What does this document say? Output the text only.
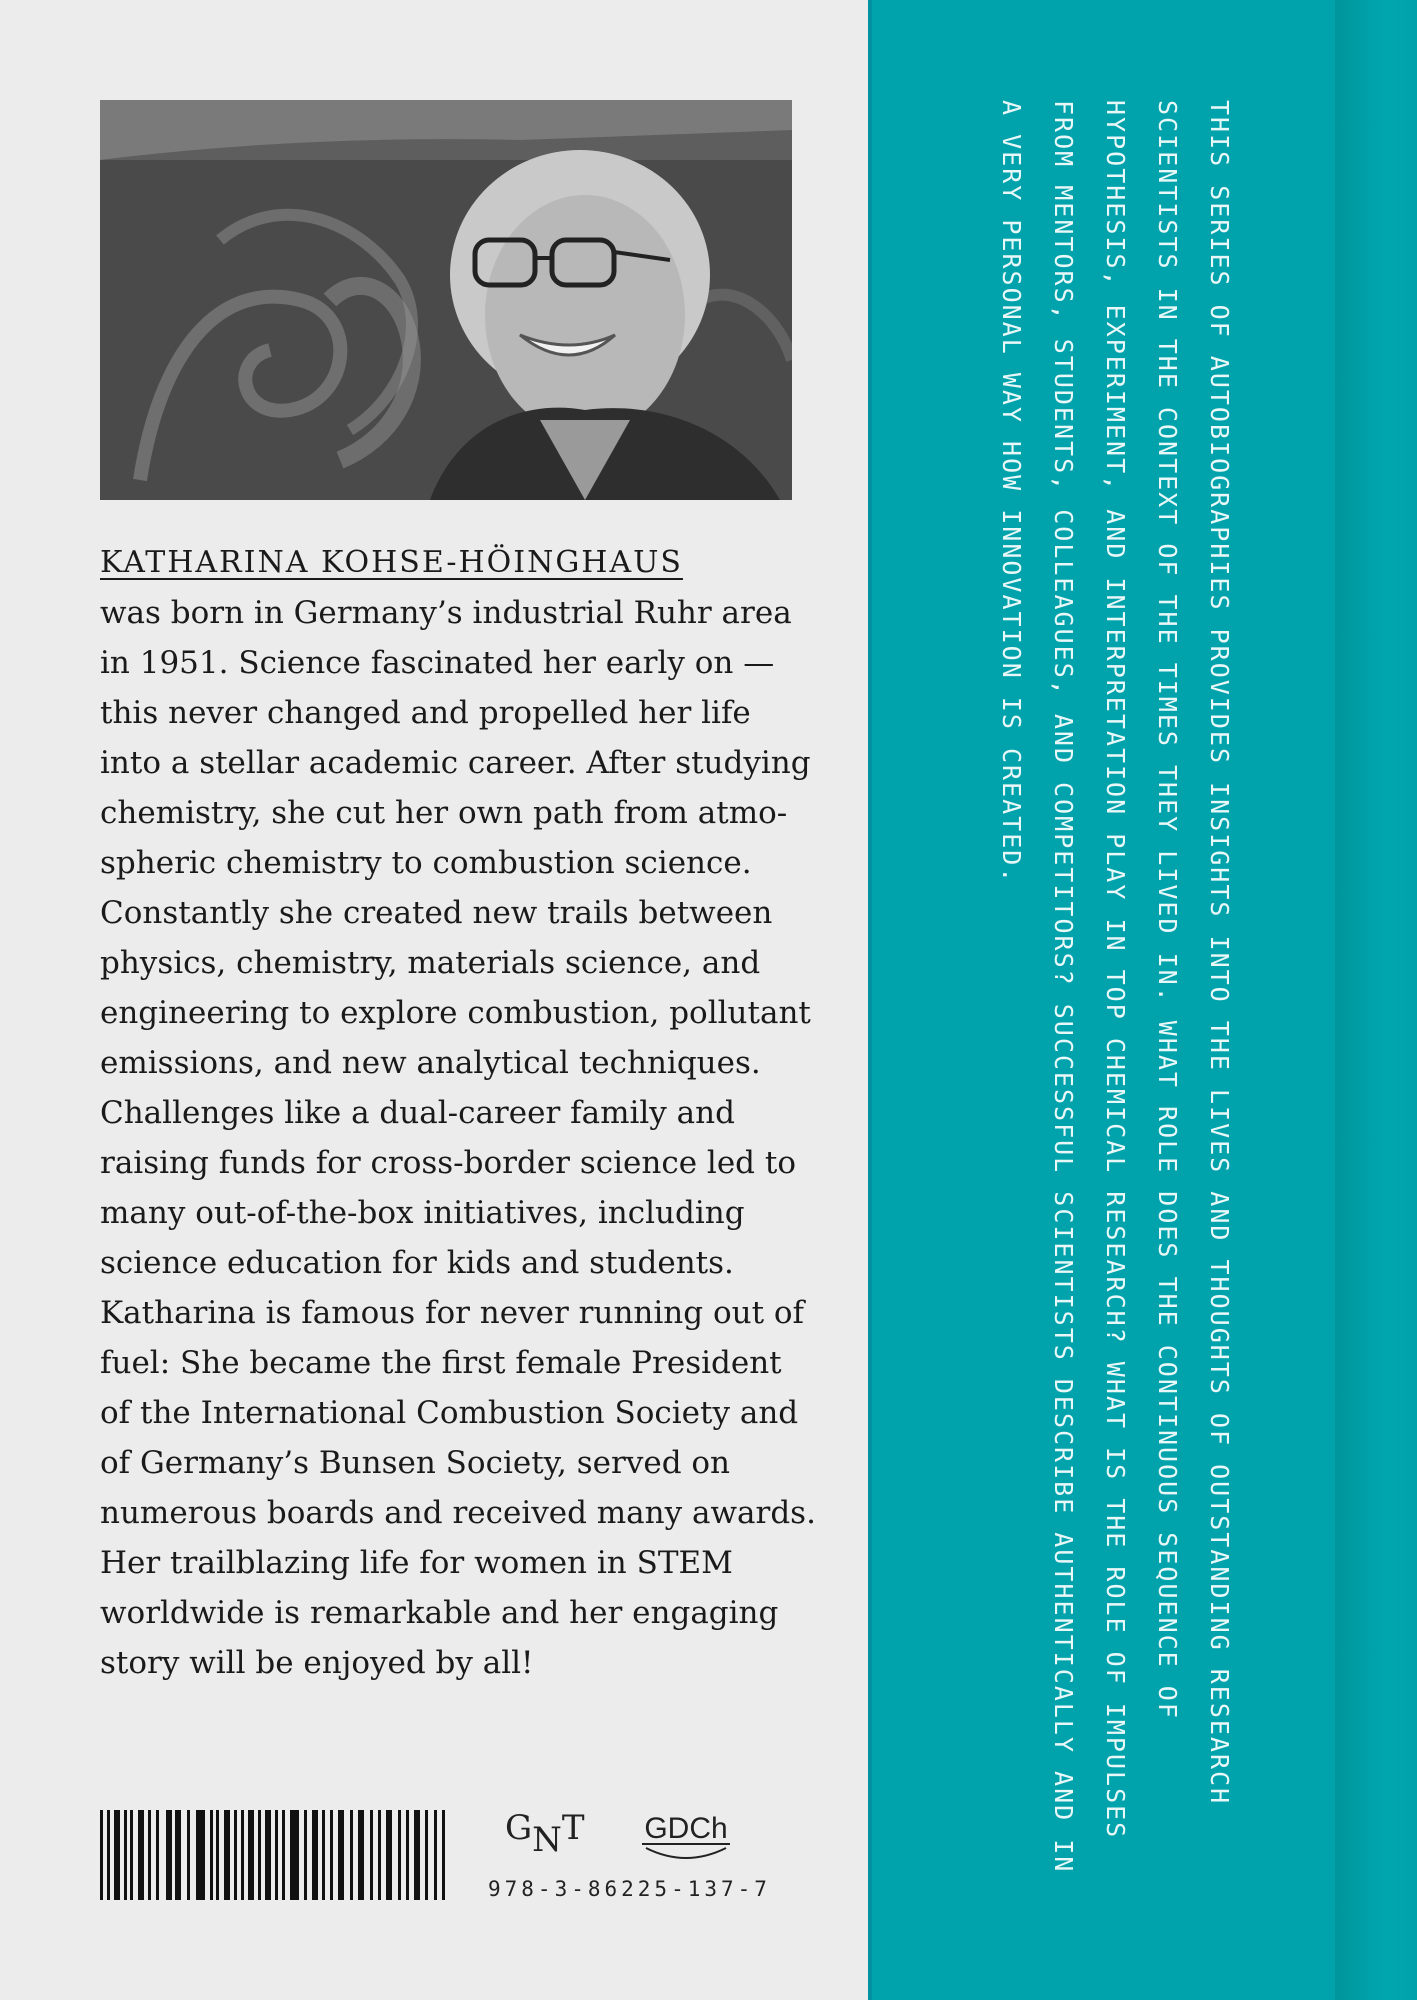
KATHARINA KOHSE-HÖINGHAUS
was born in Germany’s industrial Ruhr area in 1951. Science fascinated her early on — this never changed and propelled her life into a stellar academic career. After studying chemistry, she cut her own path from atmo-spheric chemistry to combustion science. Constantly she created new trails between physics, chemistry, materials science, and engineering to explore combustion, pollutant emissions, and new analytical techniques. Challenges like a dual-career family and raising funds for cross-border science led to many out-of-the-box initiatives, including science education for kids and students. Katharina is famous for never running out of fuel: She became the first female President of the International Combustion Society and of Germany’s Bunsen Society, served on numerous boards and received many awards. Her trailblazing life for women in STEM worldwide is remarkable and her engaging story will be enjoyed by all!
GNT GDCh
978-3-86225-137-7

THIS SERIES OF AUTOBIOGRAPHIES PROVIDES INSIGHTS INTO THE LIVES AND THOUGHTS OF OUTSTANDING RESEARCH SCIENTISTS IN THE CONTEXT OF THE TIMES THEY LIVED IN. WHAT ROLE DOES THE CONTINUOUS SEQUENCE OF HYPOTHESIS, EXPERIMENT, AND INTERPRETATION PLAY IN TOP CHEMICAL RESEARCH? WHAT IS THE ROLE OF IMPULSES FROM MENTORS, STUDENTS, COLLEAGUES, AND COMPETITORS? SUCCESSFUL SCIENTISTS DESCRIBE AUTHENTICALLY AND IN A VERY PERSONAL WAY HOW INNOVATION IS CREATED.
